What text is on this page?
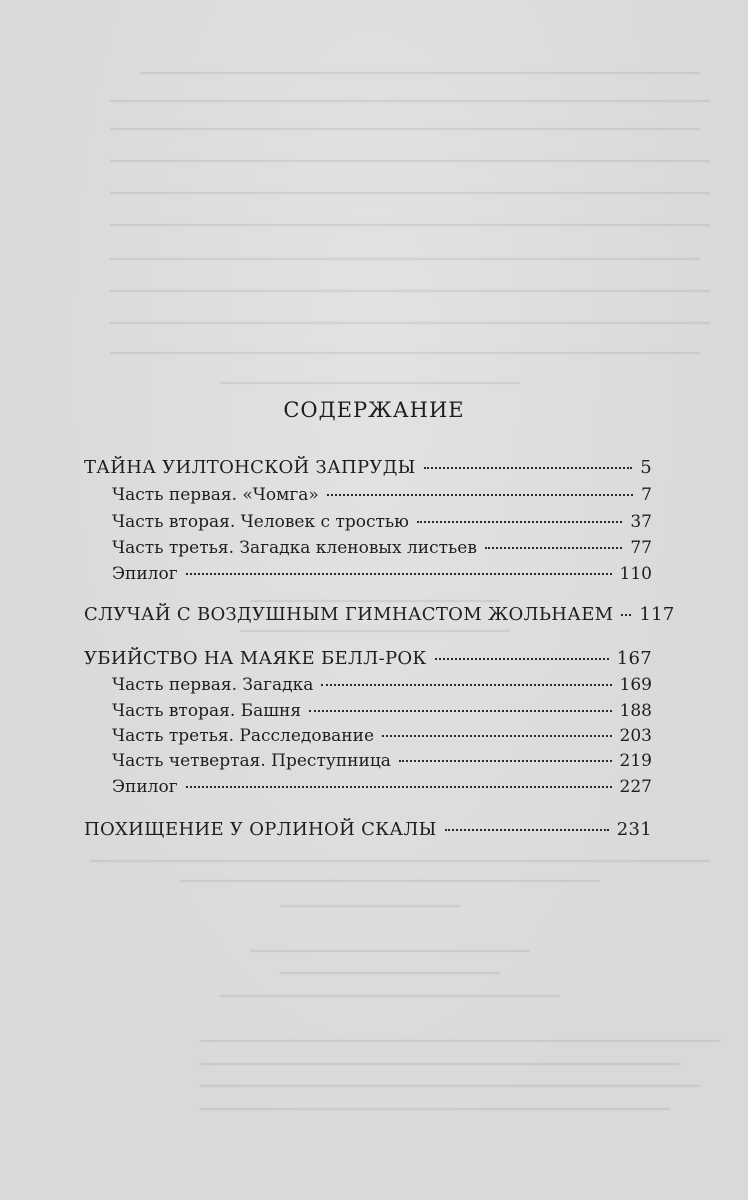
СОДЕРЖАНИЕ
ТАЙНА УИЛТОНСКОЙ ЗАПРУДЫ	5
Часть первая. «Чомга»	7
Часть вторая. Человек с тростью	37
Часть третья. Загадка кленовых листьев	77
Эпилог	110
СЛУЧАЙ С ВОЗДУШНЫМ ГИМНАСТОМ ЖОЛЬНАЕМ 117
УБИЙСТВО НА МАЯКЕ БЕЛЛ-РОК	167
Часть первая. Загадка	169
Часть вторая. Башня	188
Часть третья. Расследование	203
Часть четвертая. Преступница	219
Эпилог	227
ПОХИЩЕНИЕ У ОРЛИНОЙ СКАЛЫ	231
